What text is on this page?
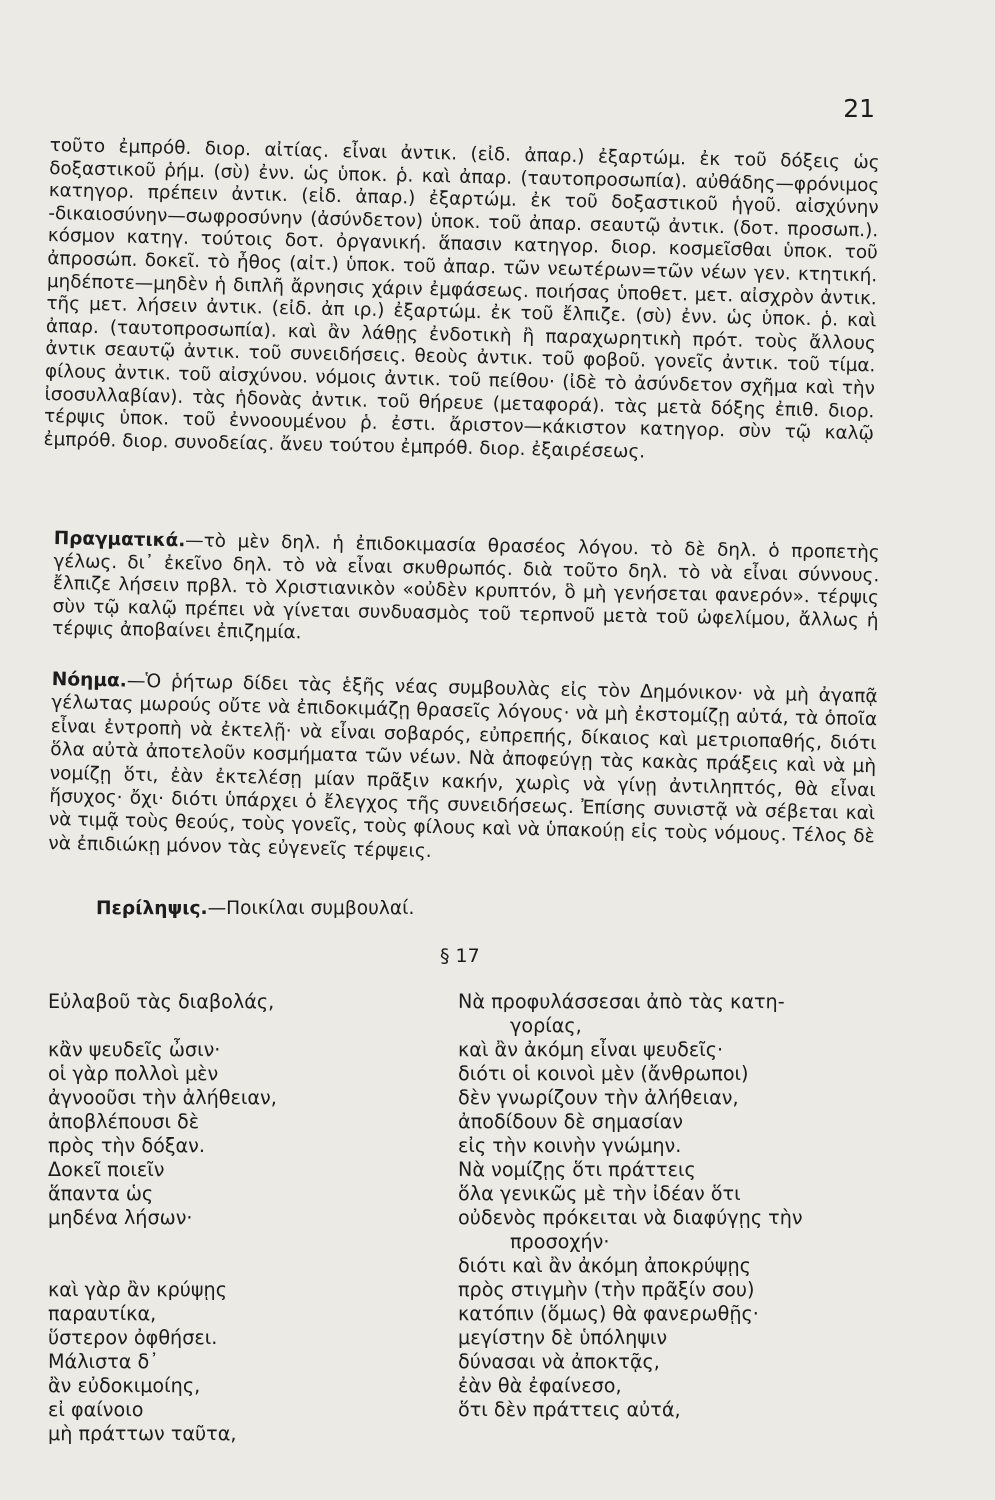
21

τοῦτο ἐμπρόθ. διορ. αἰτίας. εἶναι ἀντικ. (εἰδ. ἀπαρ.) ἐξαρτώμ. ἐκ τοῦ δόξεις ὡς δοξαστικοῦ ῥήμ. (σὺ) ἐνν. ὡς ὑποκ. ῥ. καὶ ἀπαρ. (ταυτοπροσωπία). αὐθάδης—φρόνιμος κατηγορ. πρέπειν ἀντικ. (εἰδ. ἀπαρ.) ἐξαρτώμ. ἐκ τοῦ δοξαστικοῦ ἡγοῦ. αἰσχύνην -δικαιοσύνην—σωφροσύνην (ἀσύνδετον) ὑποκ. τοῦ ἀπαρ. σεαυτῷ ἀντικ. (δοτ. προσωπ.). κόσμον κατηγ. τούτοις δοτ. ὀργανική. ἅπασιν κατηγορ. διορ. κοσμεῖσθαι ὑποκ. τοῦ ἀπροσώπ. δοκεῖ. τὸ ἦθος (αἰτ.) ὑποκ. τοῦ ἀπαρ. τῶν νεωτέρων=τῶν νέων γεν. κτητική. μηδέποτε—μηδὲν ἡ διπλῆ ἄρνησις χάριν ἐμφάσεως. ποιήσας ὑποθετ. μετ. αἰσχρὸν ἀντικ. τῆς μετ. λήσειν ἀντικ. (εἰδ. ἀπ ιρ.) ἐξαρτώμ. ἐκ τοῦ ἔλπιζε. (σὺ) ἐνν. ὡς ὑποκ. ῥ. καὶ ἀπαρ. (ταυτοπροσωπία). καὶ ἂν λάθῃς ἐνδοτικὴ ἢ παραχωρητικὴ πρότ. τοὺς ἄλλους ἀντικ σεαυτῷ ἀντικ. τοῦ συνειδήσεις. θεοὺς ἀντικ. τοῦ φοβοῦ. γονεῖς ἀντικ. τοῦ τίμα. φίλους ἀντικ. τοῦ αἰσχύνου. νόμοις ἀντικ. τοῦ πείθου· (ἰδὲ τὸ ἀσύνδετον σχῆμα καὶ τὴν ἰσοσυλλαβίαν). τὰς ἡδονὰς ἀντικ. τοῦ θήρευε (μεταφορά). τὰς μετὰ δόξης ἐπιθ. διορ. τέρψις ὑποκ. τοῦ ἐννοουμένου ῥ. ἐστι. ἄριστον—κάκιστον κατηγορ. σὺν τῷ καλῷ ἐμπρόθ. διορ. συνοδείας. ἄνευ τούτου ἐμπρόθ. διορ. ἐξαιρέσεως.

Πραγματικά.—τὸ μὲν δηλ. ἡ ἐπιδοκιμασία θρασέος λόγου. τὸ δὲ δηλ. ὁ προπετὴς γέλως. δι᾽ ἐκεῖνο δηλ. τὸ νὰ εἶναι σκυθρωπός. διὰ τοῦτο δηλ. τὸ νὰ εἶναι σύννους. ἔλπιζε λήσειν πρβλ. τὸ Χριστιανικὸν «οὐδὲν κρυπτόν, ὃ μὴ γενήσεται φανερόν». τέρψις σὺν τῷ καλῷ πρέπει νὰ γίνεται συνδυασμὸς τοῦ τερπνοῦ μετὰ τοῦ ὠφελίμου, ἄλλως ἡ τέρψις ἀποβαίνει ἐπιζημία.
Νόημα.—Ὁ ῥήτωρ δίδει τὰς ἑξῆς νέας συμβουλὰς εἰς τὸν Δημόνικον· νὰ μὴ ἀγαπᾷ γέλωτας μωρούς οὔτε νὰ ἐπιδοκιμάζῃ θρασεῖς λόγους· νὰ μὴ ἐκστομίζῃ αὐτά, τὰ ὁποῖα εἶναι ἐντροπὴ νὰ ἐκτελῇ· νὰ εἶναι σοβαρός, εὐπρεπής, δίκαιος καὶ μετριοπαθής, διότι ὅλα αὐτὰ ἀποτελοῦν κοσμήματα τῶν νέων. Νὰ ἀποφεύγῃ τὰς κακὰς πράξεις καὶ νὰ μὴ νομίζῃ ὅτι, ἐὰν ἐκτελέσῃ μίαν πρᾶξιν κακήν, χωρὶς νὰ γίνῃ ἀντιληπτός, θὰ εἶναι ἥσυχος· ὄχι· διότι ὑπάρχει ὁ ἔλεγχος τῆς συνειδήσεως. Ἐπίσης συνιστᾷ νὰ σέβεται καὶ νὰ τιμᾷ τοὺς θεούς, τοὺς γονεῖς, τοὺς φίλους καὶ νὰ ὑπακούῃ εἰς τοὺς νόμους. Τέλος δὲ νὰ ἐπιδιώκῃ μόνον τὰς εὐγενεῖς τέρψεις.
Περίληψις.—Ποικίλαι συμβουλαί.
§ 17
Εὐλαβοῦ τὰς διαβολάς,
κἂν ψευδεῖς ὦσιν·
οἱ γὰρ πολλοὶ μὲν
ἀγνοοῦσι τὴν ἀλήθειαν,
ἀποβλέπουσι δὲ
πρὸς τὴν δόξαν.
Δοκεῖ ποιεῖν
ἅπαντα ὡς
μηδένα λήσων·
καὶ γὰρ ἂν κρύψῃς
παραυτίκα,
ὕστερον ὀφθήσει.
Μάλιστα δ᾽
ἂν εὐδοκιμοίης,
εἰ φαίνοιο
μὴ πράττων ταῦτα,
Νὰ προφυλάσσεσαι ἀπὸ τὰς κατη-
γορίας,
καὶ ἂν ἀκόμη εἶναι ψευδεῖς·
διότι οἱ κοινοὶ μὲν (ἄνθρωποι)
δὲν γνωρίζουν τὴν ἀλήθειαν,
ἀποδίδουν δὲ σημασίαν
εἰς τὴν κοινὴν γνώμην.
Νὰ νομίζῃς ὅτι πράττεις
ὅλα γενικῶς μὲ τὴν ἰδέαν ὅτι
οὐδενὸς πρόκειται νὰ διαφύγῃς τὴν
προσοχήν·
διότι καὶ ἂν ἀκόμη ἀποκρύψῃς
πρὸς στιγμὴν (τὴν πρᾶξίν σου)
κατόπιν (ὅμως) θὰ φανερωθῇς·
μεγίστην δὲ ὑπόληψιν
δύνασαι νὰ ἀποκτᾷς,
ἐὰν θὰ ἐφαίνεσο,
ὅτι δὲν πράττεις αὐτά,
